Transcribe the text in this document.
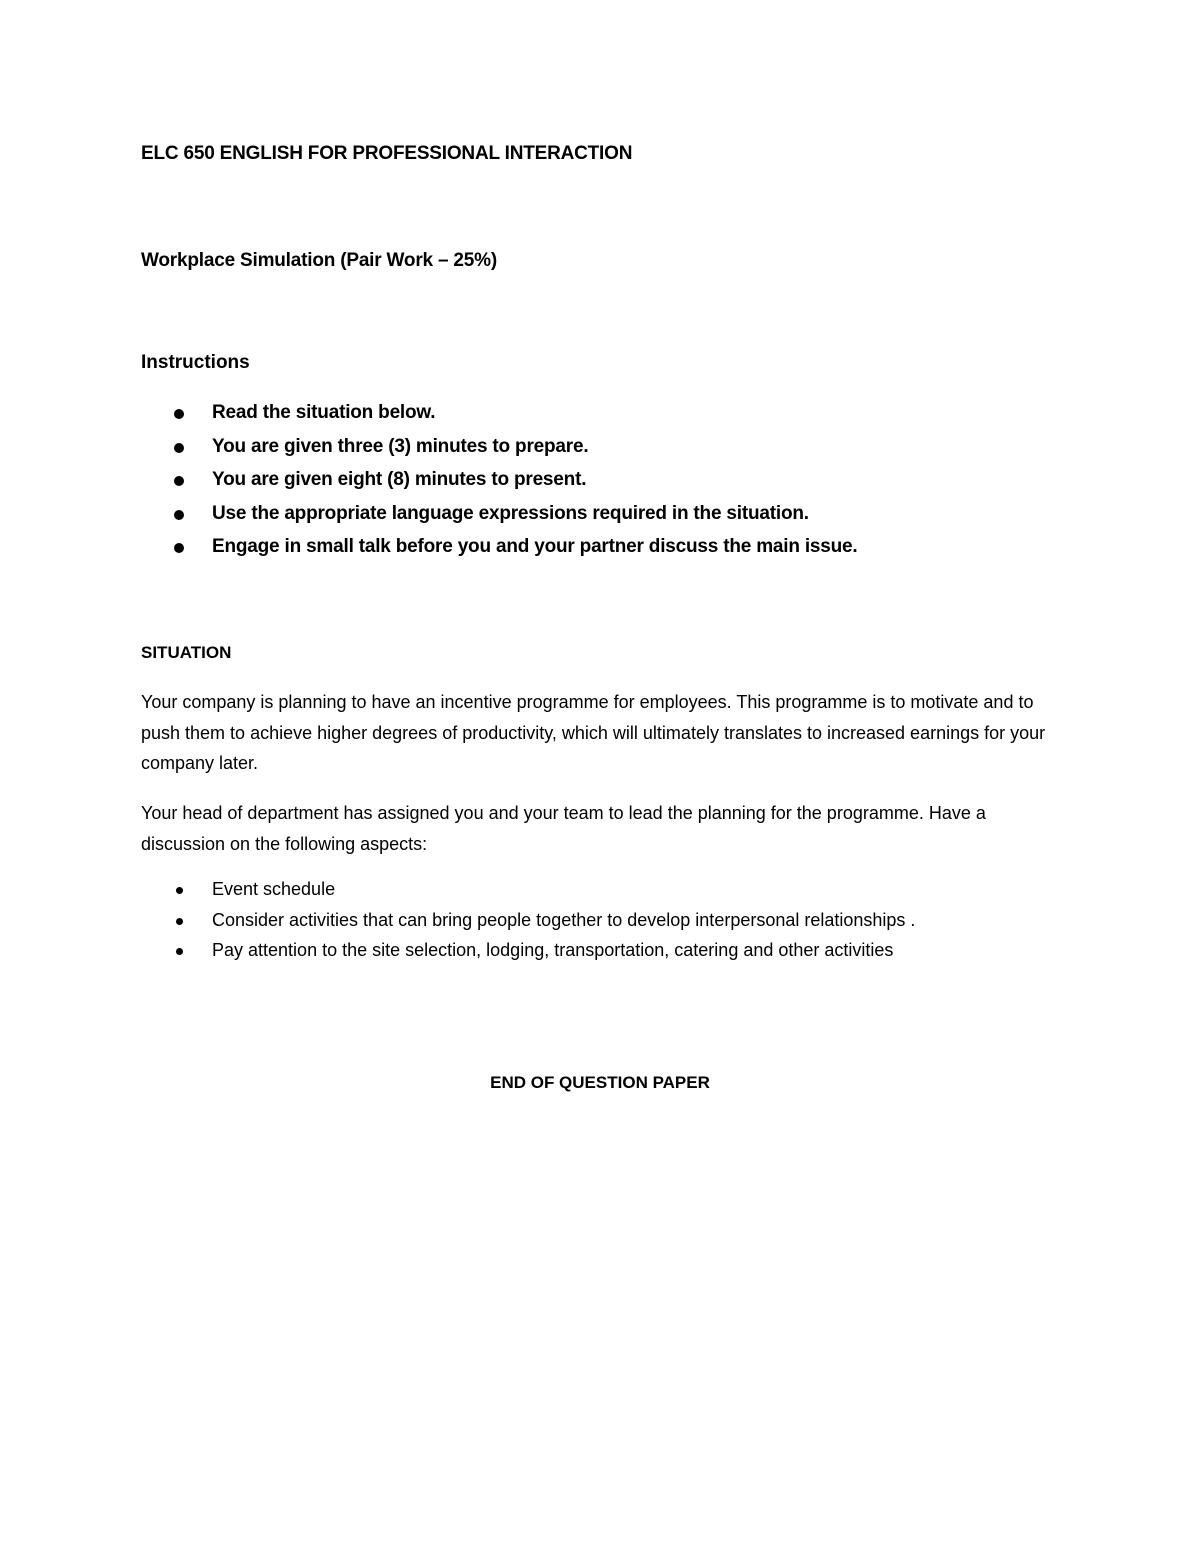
ELC 650 ENGLISH FOR PROFESSIONAL INTERACTION
Workplace Simulation (Pair Work – 25%)
Instructions
Read the situation below.
You are given three (3) minutes to prepare.
You are given eight (8) minutes to present.
Use the appropriate language expressions required in the situation.
Engage in small talk before you and your partner discuss the main issue.
SITUATION

Your company is planning to have an incentive programme for employees. This programme is to motivate and to push them to achieve higher degrees of productivity, which will ultimately translates to increased earnings for your company later.

Your head of department has assigned you and your team to lead the planning for the programme. Have a discussion on the following aspects:

Event schedule
Consider activities that can bring people together to develop interpersonal relationships .
Pay attention to the site selection, lodging, transportation, catering and other activities
END OF QUESTION PAPER
